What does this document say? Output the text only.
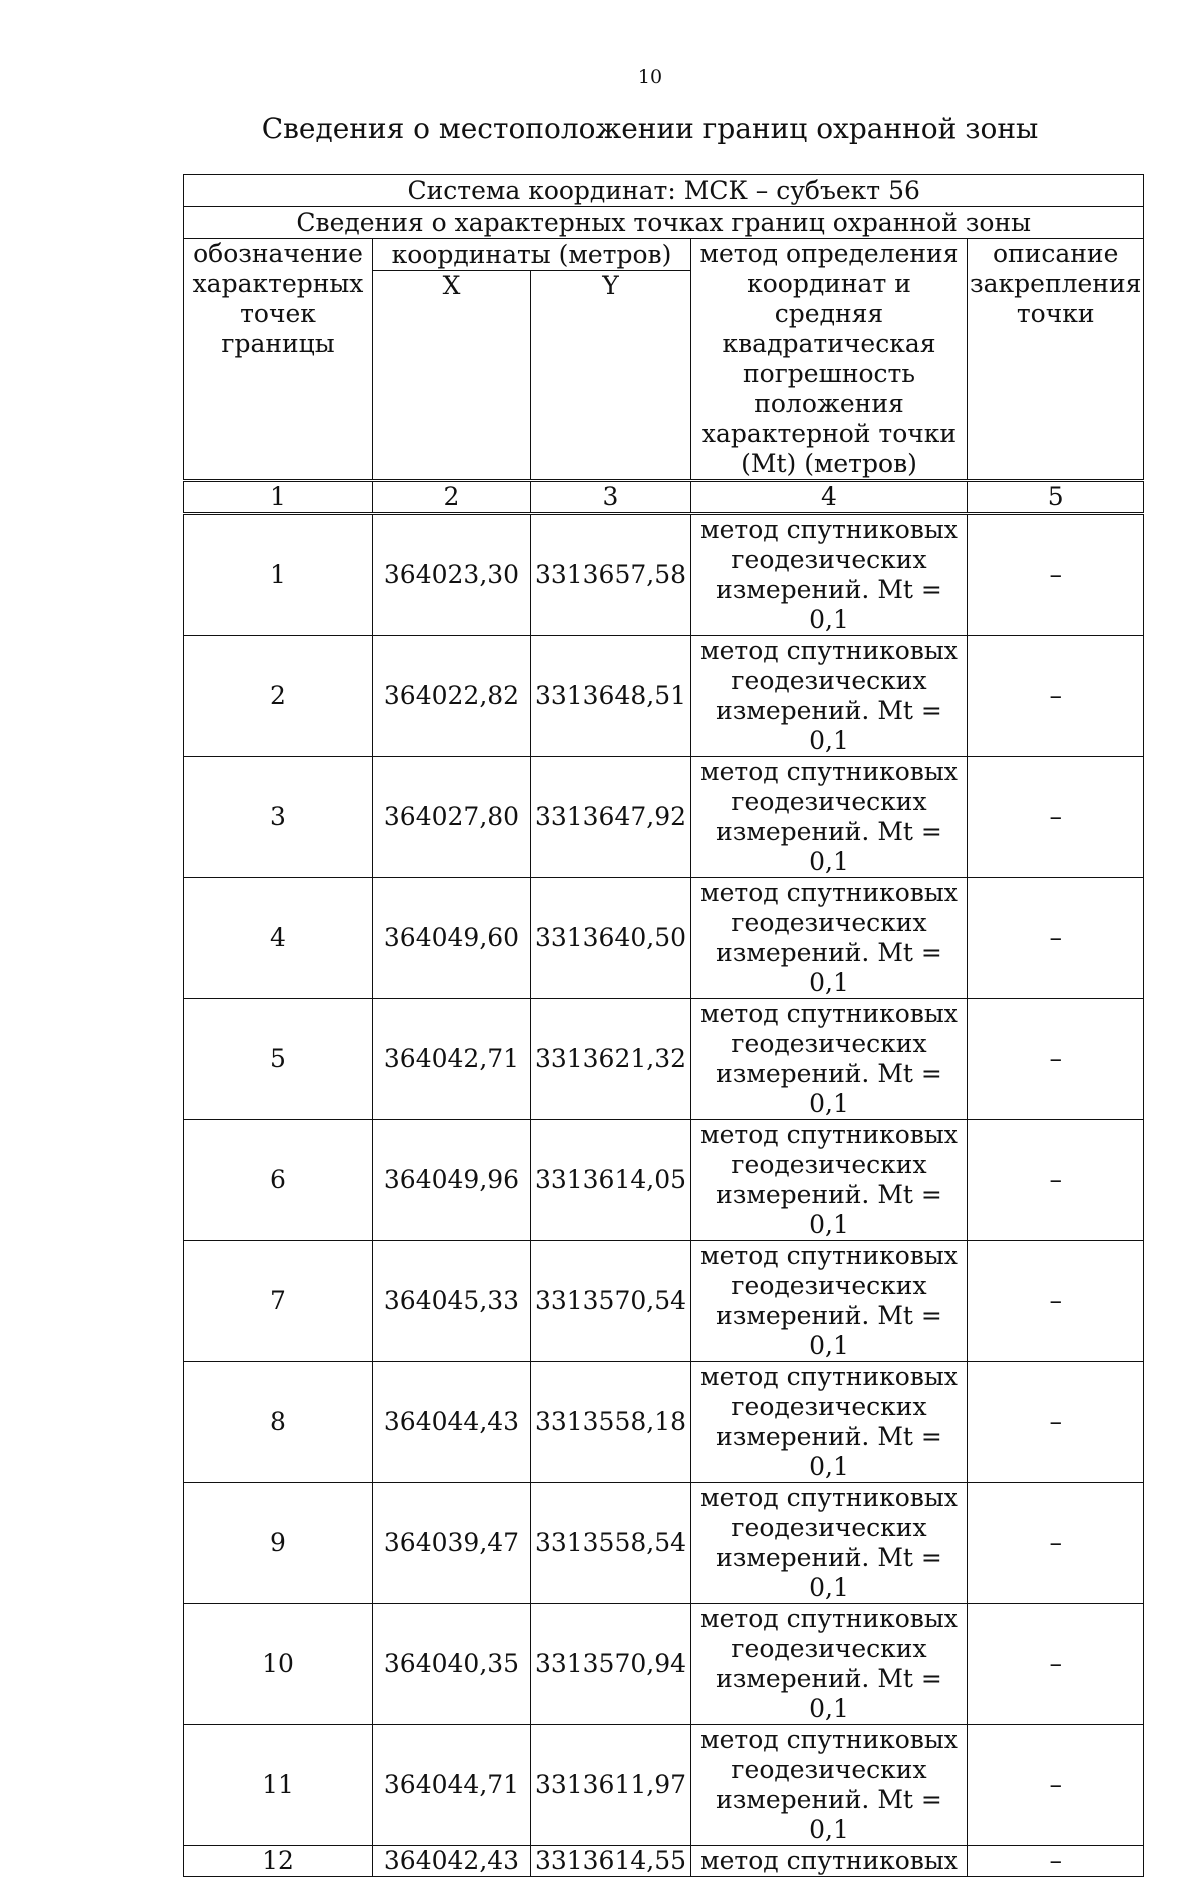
10
Сведения о местоположении границ охранной зоны
Система координат: МСК – субъект 56				
Сведения о характерных точках границ охранной зоны				
обозначение характерных точек границы	координаты (метров)		метод определения координат и средняя квадратическая погрешность положения характерной точки (Mt) (метров)	описание закрепления точки
	X	Y		
1	2	3	4	5
1	364023,30	3313657,58	метод спутниковых
геодезических
измерений. Mt = 0,1	–
2	364022,82	3313648,51	метод спутниковых
геодезических
измерений. Mt = 0,1	–
3	364027,80	3313647,92	метод спутниковых
геодезических
измерений. Mt = 0,1	–
4	364049,60	3313640,50	метод спутниковых
геодезических
измерений. Mt = 0,1	–
5	364042,71	3313621,32	метод спутниковых
геодезических
измерений. Mt = 0,1	–
6	364049,96	3313614,05	метод спутниковых
геодезических
измерений. Mt = 0,1	–
7	364045,33	3313570,54	метод спутниковых
геодезических
измерений. Mt = 0,1	–
8	364044,43	3313558,18	метод спутниковых
геодезических
измерений. Mt = 0,1	–
9	364039,47	3313558,54	метод спутниковых
геодезических
измерений. Mt = 0,1	–
10	364040,35	3313570,94	метод спутниковых
геодезических
измерений. Mt = 0,1	–
11	364044,71	3313611,97	метод спутниковых
геодезических
измерений. Mt = 0,1	–
12	364042,43	3313614,55	метод спутниковых	–
